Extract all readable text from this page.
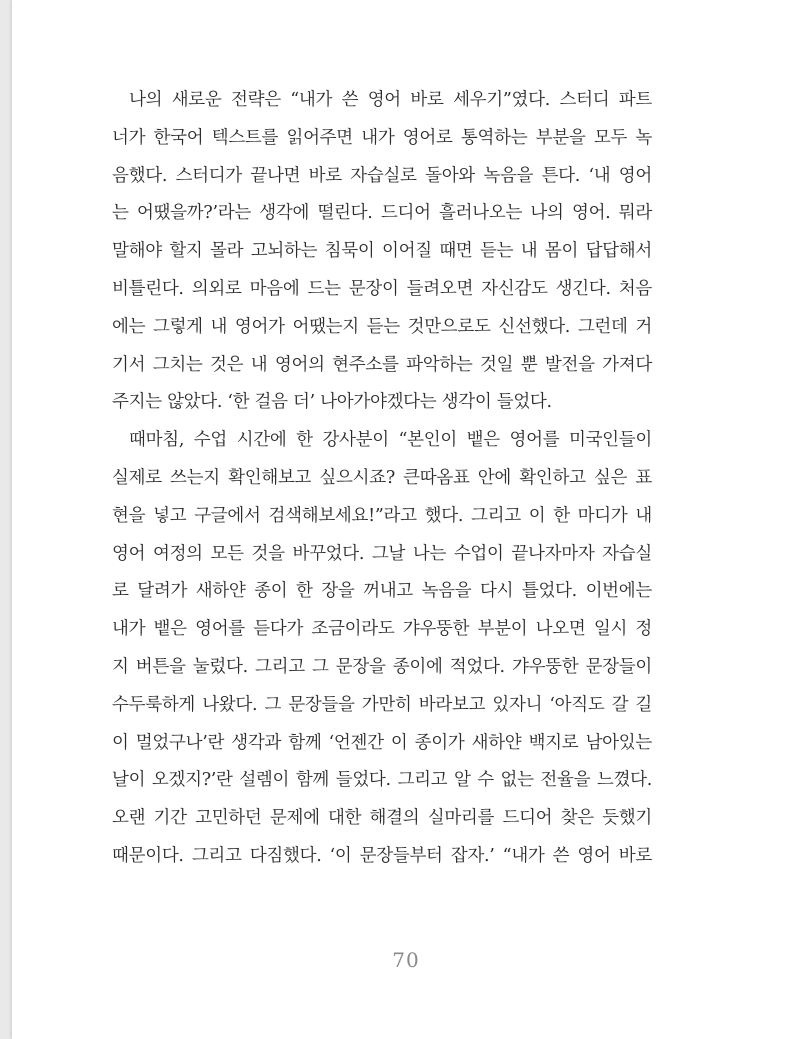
나의 새로운 전략은 “내가 쓴 영어 바로 세우기”였다. 스터디 파트
너가 한국어 텍스트를 읽어주면 내가 영어로 통역하는 부분을 모두 녹
음했다. 스터디가 끝나면 바로 자습실로 돌아와 녹음을 튼다. ‘내 영어
는 어땠을까?’라는 생각에 떨린다. 드디어 흘러나오는 나의 영어. 뭐라
말해야 할지 몰라 고뇌하는 침묵이 이어질 때면 듣는 내 몸이 답답해서
비틀린다. 의외로 마음에 드는 문장이 들려오면 자신감도 생긴다. 처음
에는 그렇게 내 영어가 어땠는지 듣는 것만으로도 신선했다. 그런데 거
기서 그치는 것은 내 영어의 현주소를 파악하는 것일 뿐 발전을 가져다
주지는 않았다. ‘한 걸음 더’ 나아가야겠다는 생각이 들었다.
때마침, 수업 시간에 한 강사분이 “본인이 뱉은 영어를 미국인들이
실제로 쓰는지 확인해보고 싶으시죠? 큰따옴표 안에 확인하고 싶은 표
현을 넣고 구글에서 검색해보세요!”라고 했다. 그리고 이 한 마디가 내
영어 여정의 모든 것을 바꾸었다. 그날 나는 수업이 끝나자마자 자습실
로 달려가 새하얀 종이 한 장을 꺼내고 녹음을 다시 틀었다. 이번에는
내가 뱉은 영어를 듣다가 조금이라도 갸우뚱한 부분이 나오면 일시 정
지 버튼을 눌렀다. 그리고 그 문장을 종이에 적었다. 갸우뚱한 문장들이
수두룩하게 나왔다. 그 문장들을 가만히 바라보고 있자니 ‘아직도 갈 길
이 멀었구나’란 생각과 함께 ‘언젠간 이 종이가 새하얀 백지로 남아있는
날이 오겠지?’란 설렘이 함께 들었다. 그리고 알 수 없는 전율을 느꼈다.
오랜 기간 고민하던 문제에 대한 해결의 실마리를 드디어 찾은 듯했기
때문이다. 그리고 다짐했다. ‘이 문장들부터 잡자.’ “내가 쓴 영어 바로
70
